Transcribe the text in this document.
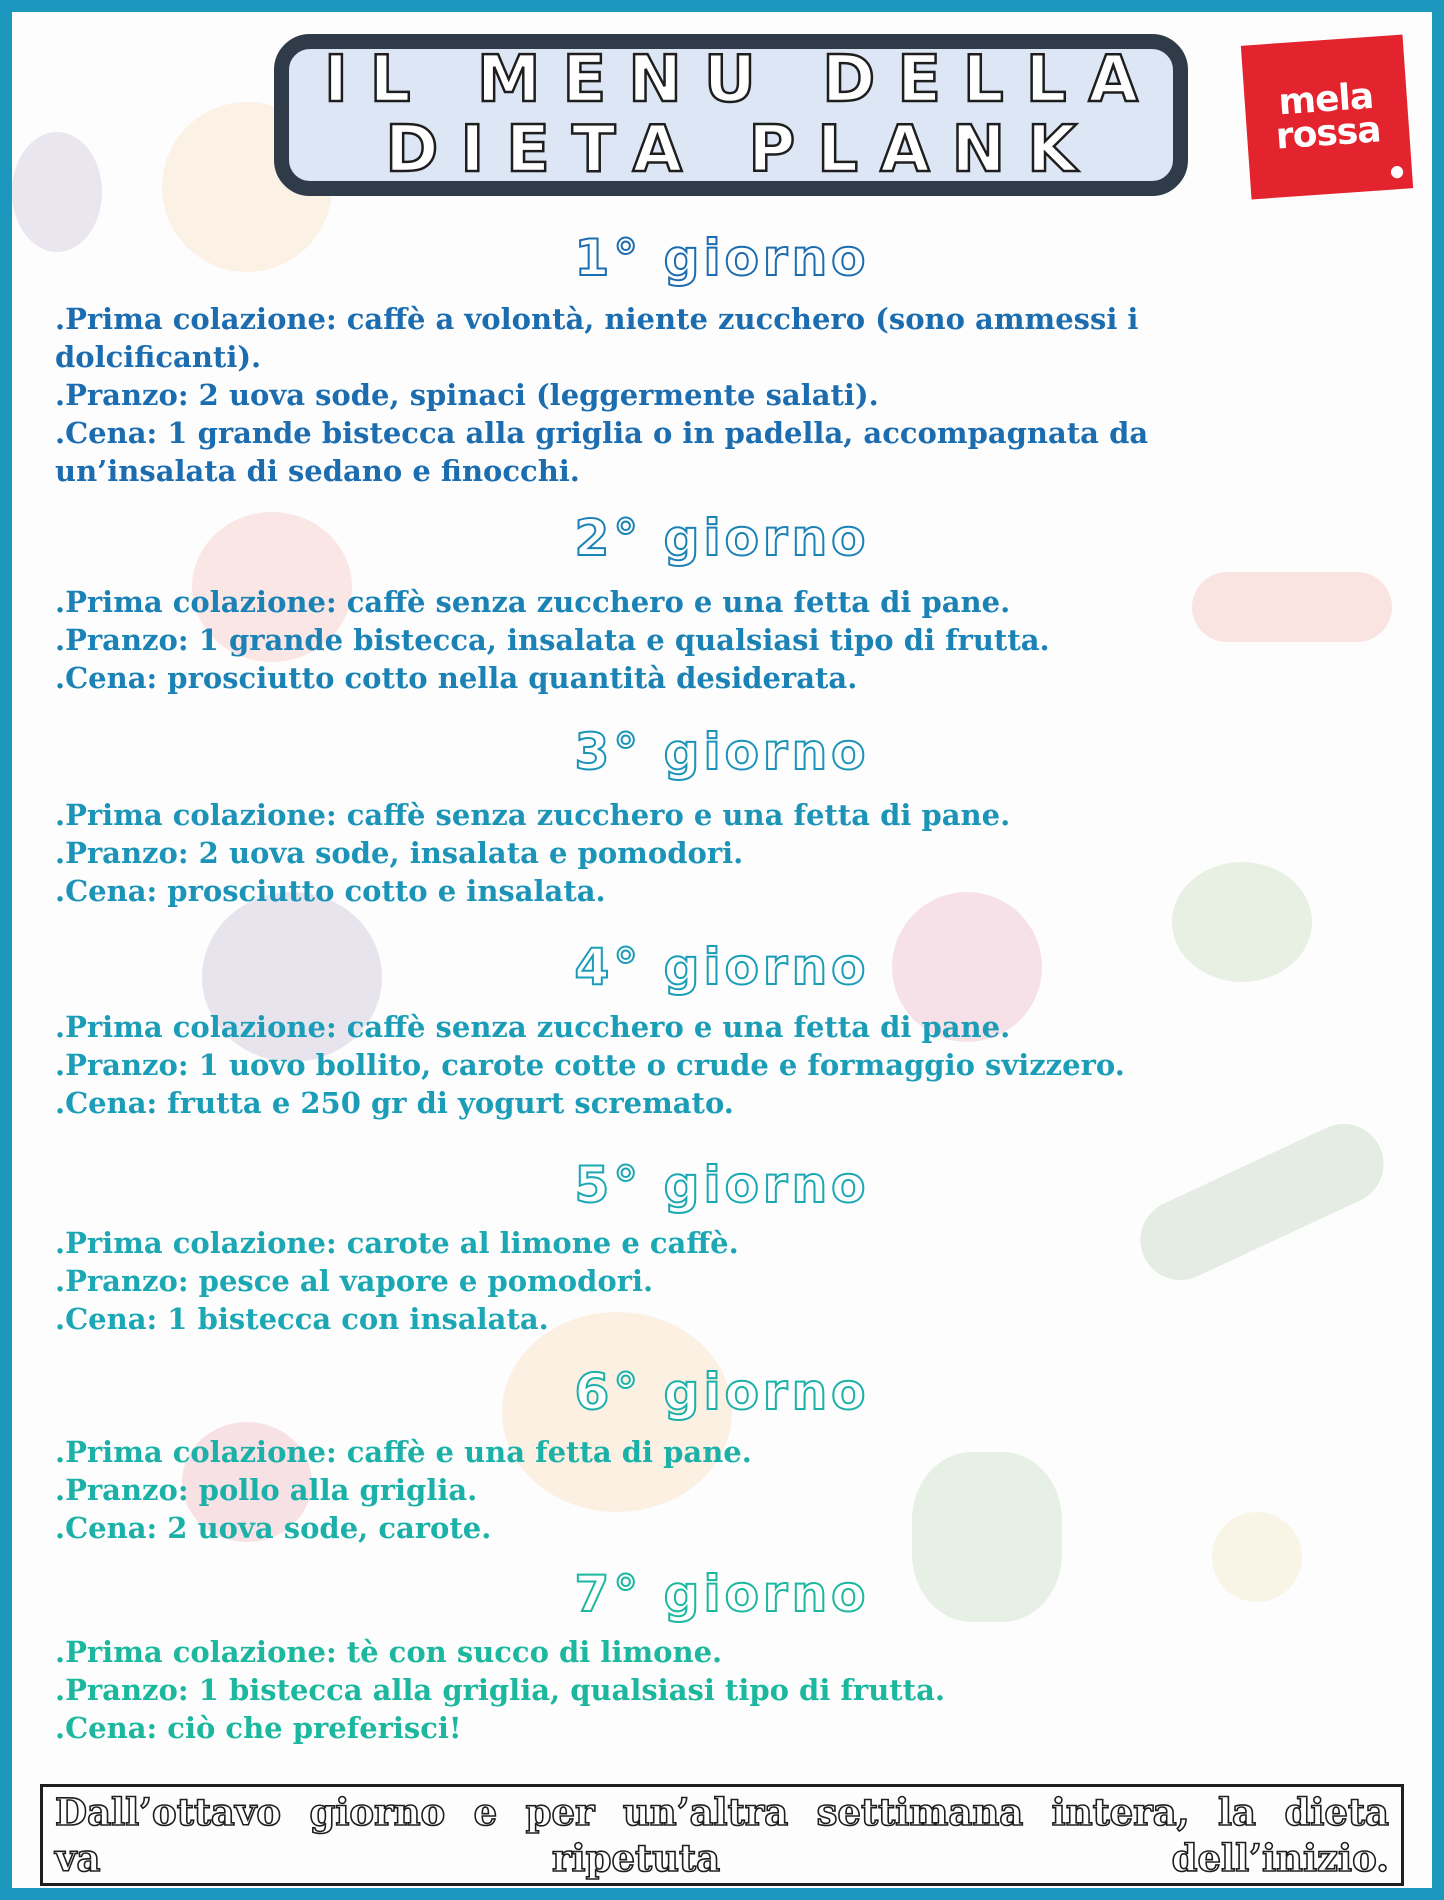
IL MENU DELLA
DIETA PLANK
mela
rossa
●
1° giorno
.Prima colazione: caffè a volontà, niente zucchero (sono ammessi i
dolcificanti).
.Pranzo: 2 uova sode, spinaci (leggermente salati).
.Cena: 1 grande bistecca alla griglia o in padella, accompagnata da
un’insalata di sedano e finocchi.
2° giorno
.Prima colazione: caffè senza zucchero e una fetta di pane.
.Pranzo: 1 grande bistecca, insalata e qualsiasi tipo di frutta.
.Cena: prosciutto cotto nella quantità desiderata.
3° giorno
.Prima colazione: caffè senza zucchero e una fetta di pane.
.Pranzo: 2 uova sode, insalata e pomodori.
.Cena: prosciutto cotto e insalata.
4° giorno
.Prima colazione: caffè senza zucchero e una fetta di pane.
.Pranzo: 1 uovo bollito, carote cotte o crude e formaggio svizzero.
.Cena: frutta e 250 gr di yogurt scremato.
5° giorno
.Prima colazione: carote al limone e caffè.
.Pranzo: pesce al vapore e pomodori.
.Cena: 1 bistecca con insalata.
6° giorno
.Prima colazione: caffè e una fetta di pane.
.Pranzo: pollo alla griglia.
.Cena: 2 uova sode, carote.
7° giorno
.Prima colazione: tè con succo di limone.
.Pranzo: 1 bistecca alla griglia, qualsiasi tipo di frutta.
.Cena: ciò che preferisci!
Dall’ottavo giorno e per un’altra settimana intera, la dieta va ripetuta dell’inizio.
